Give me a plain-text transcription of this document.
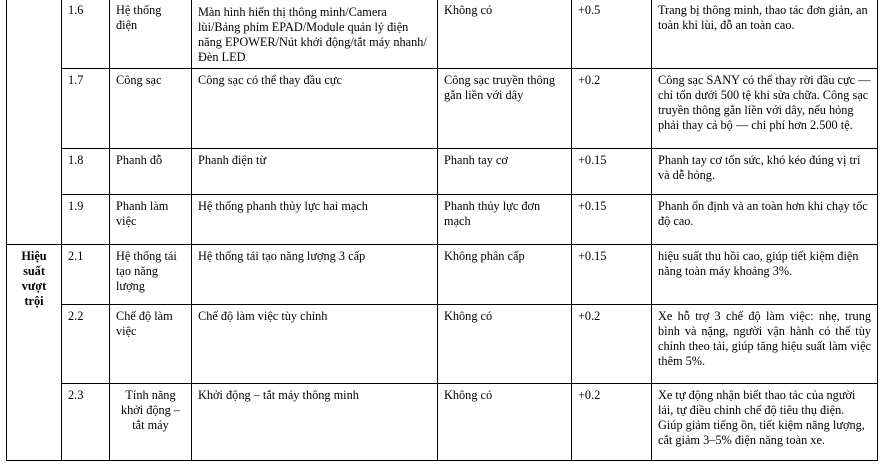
	1.6	Hệ thống điện	Màn hình hiển thị thông minh/Camera lùi/Bảng phím EPAD/Module quản lý điện năng EPOWER/Nút khởi động/tắt máy nhanh/Đèn LED	Không có	+0.5	Trang bị thông minh, thao tác đơn giản, an toàn khi lùi, đỗ an toàn cao.
	1.7	Công sạc	Công sạc có thể thay đầu cực	Công sạc truyền thông gắn liền với dây	+0.2	Công sạc SANY có thể thay rời đầu cực — chỉ tốn dưới 500 tệ khi sửa chữa. Công sạc truyền thông gắn liền với dây, nếu hỏng phải thay cả bộ — chi phí hơn 2.500 tệ.
	1.8	Phanh đỗ	Phanh điện từ	Phanh tay cơ	+0.15	Phanh tay cơ tốn sức, khó kéo đúng vị trí và dễ hỏng.
	1.9	Phanh làm việc	Hệ thống phanh thủy lực hai mạch	Phanh thủy lực đơn mạch	+0.15	Phanh ổn định và an toàn hơn khi chạy tốc độ cao.
Hiệu suất vượt trội	2.1	Hệ thống tái tạo năng lượng	Hệ thống tái tạo năng lượng 3 cấp	Không phân cấp	+0.15	hiệu suất thu hồi cao, giúp tiết kiệm điện năng toàn máy khoảng 3%.
	2.2	Chế độ làm việc	Chế độ làm việc tùy chỉnh	Không có	+0.2	Xe hỗ trợ 3 chế độ làm việc: nhẹ, trung bình và nặng, người vận hành có thể tùy chỉnh theo tải, giúp tăng hiệu suất làm việc thêm 5%.
	2.3	Tính năng khởi động – tắt máy	Khởi động – tắt máy thông minh	Không có	+0.2	Xe tự động nhận biết thao tác của người lái, tự điều chỉnh chế độ tiêu thụ điện. Giúp giảm tiếng ồn, tiết kiệm năng lượng, cắt giảm 3–5% điện năng toàn xe.
